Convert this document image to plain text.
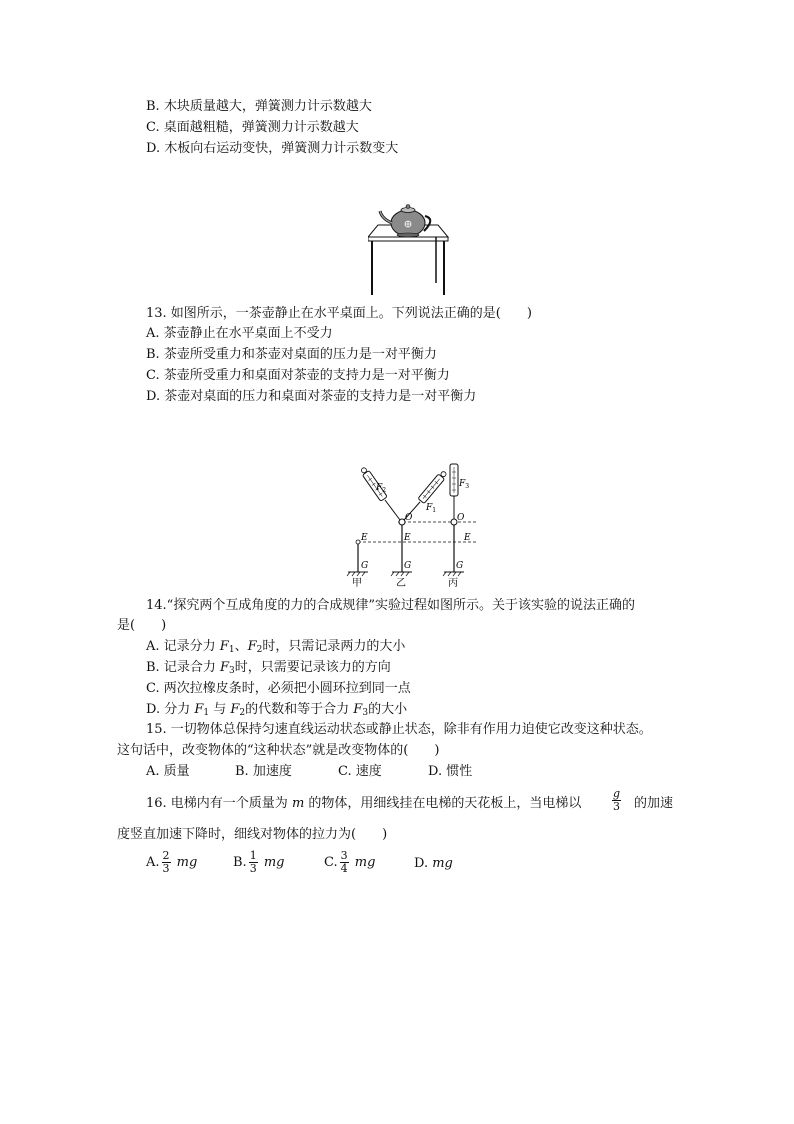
B. 木块质量越大，弹簧测力计示数越大
C. 桌面越粗糙，弹簧测力计示数越大
D. 木板向右运动变快，弹簧测力计示数变大
13. 如图所示，一茶壶静止在水平桌面上。下列说法正确的是(　　)
A. 茶壶静止在水平桌面上不受力
B. 茶壶所受重力和茶壶对桌面的压力是一对平衡力
C. 茶壶所受重力和桌面对茶壶的支持力是一对平衡力
D. 茶壶对桌面的压力和桌面对茶壶的支持力是一对平衡力
$F_2$
$F_1$
$F_3$
O	O
E	E	E
G	G	G
甲	乙	丙
14.“探究两个互成角度的力的合成规律”实验过程如图所示。关于该实验的说法正确的
是(　　)
A. 记录分力 $F_1$、$F_2$时，只需记录两力的大小
B. 记录合力 $F_3$时，只需要记录该力的方向
C. 两次拉橡皮条时，必须把小圆环拉到同一点
D. 分力 $F_1$ 与 $F_2$的代数和等于合力 $F_3$的大小
15. 一切物体总保持匀速直线运动状态或静止状态，除非有作用力迫使它改变这种状态。
这句话中，改变物体的“这种状态”就是改变物体的(　　)
A. 质量	B. 加速度	C. 速度	D. 惯性
16. 电梯内有一个质量为 m 的物体，用细线挂在电梯的天花板上，当电梯以	$\frac{g}{3}$ 的加速
度竖直加速下降时，细线对物体的拉力为(　　)
A. $\frac{2}{3}$ mg	B. $\frac{1}{3}$ mg	C. $\frac{3}{4}$ mg	D. mg
